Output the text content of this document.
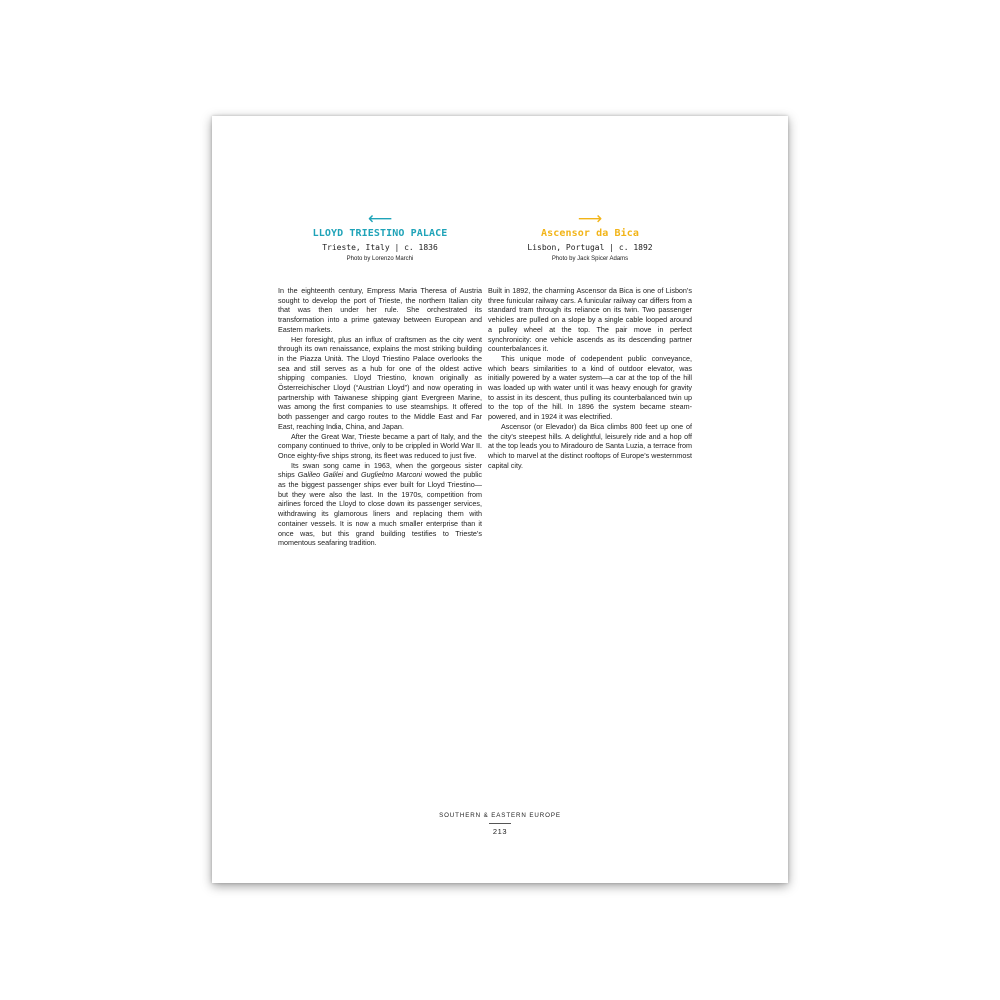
⟵
LLOYD TRIESTINO PALACE
Trieste, Italy | c. 1836
Photo by Lorenzo Marchi

In the eighteenth century, Empress Maria Theresa of Austria sought to develop the port of Trieste, the northern Italian city that was then under her rule. She orchestrated its transformation into a prime gateway between European and Eastern markets.

Her foresight, plus an influx of craftsmen as the city went through its own renaissance, explains the most striking building in the Piazza Unità. The Lloyd Triestino Palace overlooks the sea and still serves as a hub for one of the oldest active shipping companies. Lloyd Triestino, known originally as Österreichischer Lloyd (“Austrian Lloyd”) and now operating in partnership with Taiwanese shipping giant Evergreen Marine, was among the first companies to use steamships. It offered both passenger and cargo routes to the Middle East and Far East, reaching India, China, and Japan.

After the Great War, Trieste became a part of Italy, and the company continued to thrive, only to be crippled in World War II. Once eighty-five ships strong, its fleet was reduced to just five.

Its swan song came in 1963, when the gorgeous sister ships Galileo Galilei and Guglielmo Marconi wowed the public as the biggest passenger ships ever built for Lloyd Triestino—but they were also the last. In the 1970s, competition from airlines forced the Lloyd to close down its passenger services, withdrawing its glamorous liners and replacing them with container vessels. It is now a much smaller enterprise than it once was, but this grand building testifies to Trieste’s momentous seafaring tradition.

⟶
Ascensor da Bica
Lisbon, Portugal | c. 1892
Photo by Jack Spicer Adams

Built in 1892, the charming Ascensor da Bica is one of Lisbon’s three funicular railway cars. A funicular railway car differs from a standard tram through its reliance on its twin. Two passenger vehicles are pulled on a slope by a single cable looped around a pulley wheel at the top. The pair move in perfect synchronicity: one vehicle ascends as its descending partner counterbalances it.

This unique mode of codependent public conveyance, which bears similarities to a kind of outdoor elevator, was initially powered by a water system—a car at the top of the hill was loaded up with water until it was heavy enough for gravity to assist in its descent, thus pulling its counterbalanced twin up to the top of the hill. In 1896 the system became steam-powered, and in 1924 it was electrified.

Ascensor (or Elevador) da Bica climbs 800 feet up one of the city’s steepest hills. A delightful, leisurely ride and a hop off at the top leads you to Miradouro de Santa Luzia, a terrace from which to marvel at the distinct rooftops of Europe’s westernmost capital city.

SOUTHERN & EASTERN EUROPE
213
